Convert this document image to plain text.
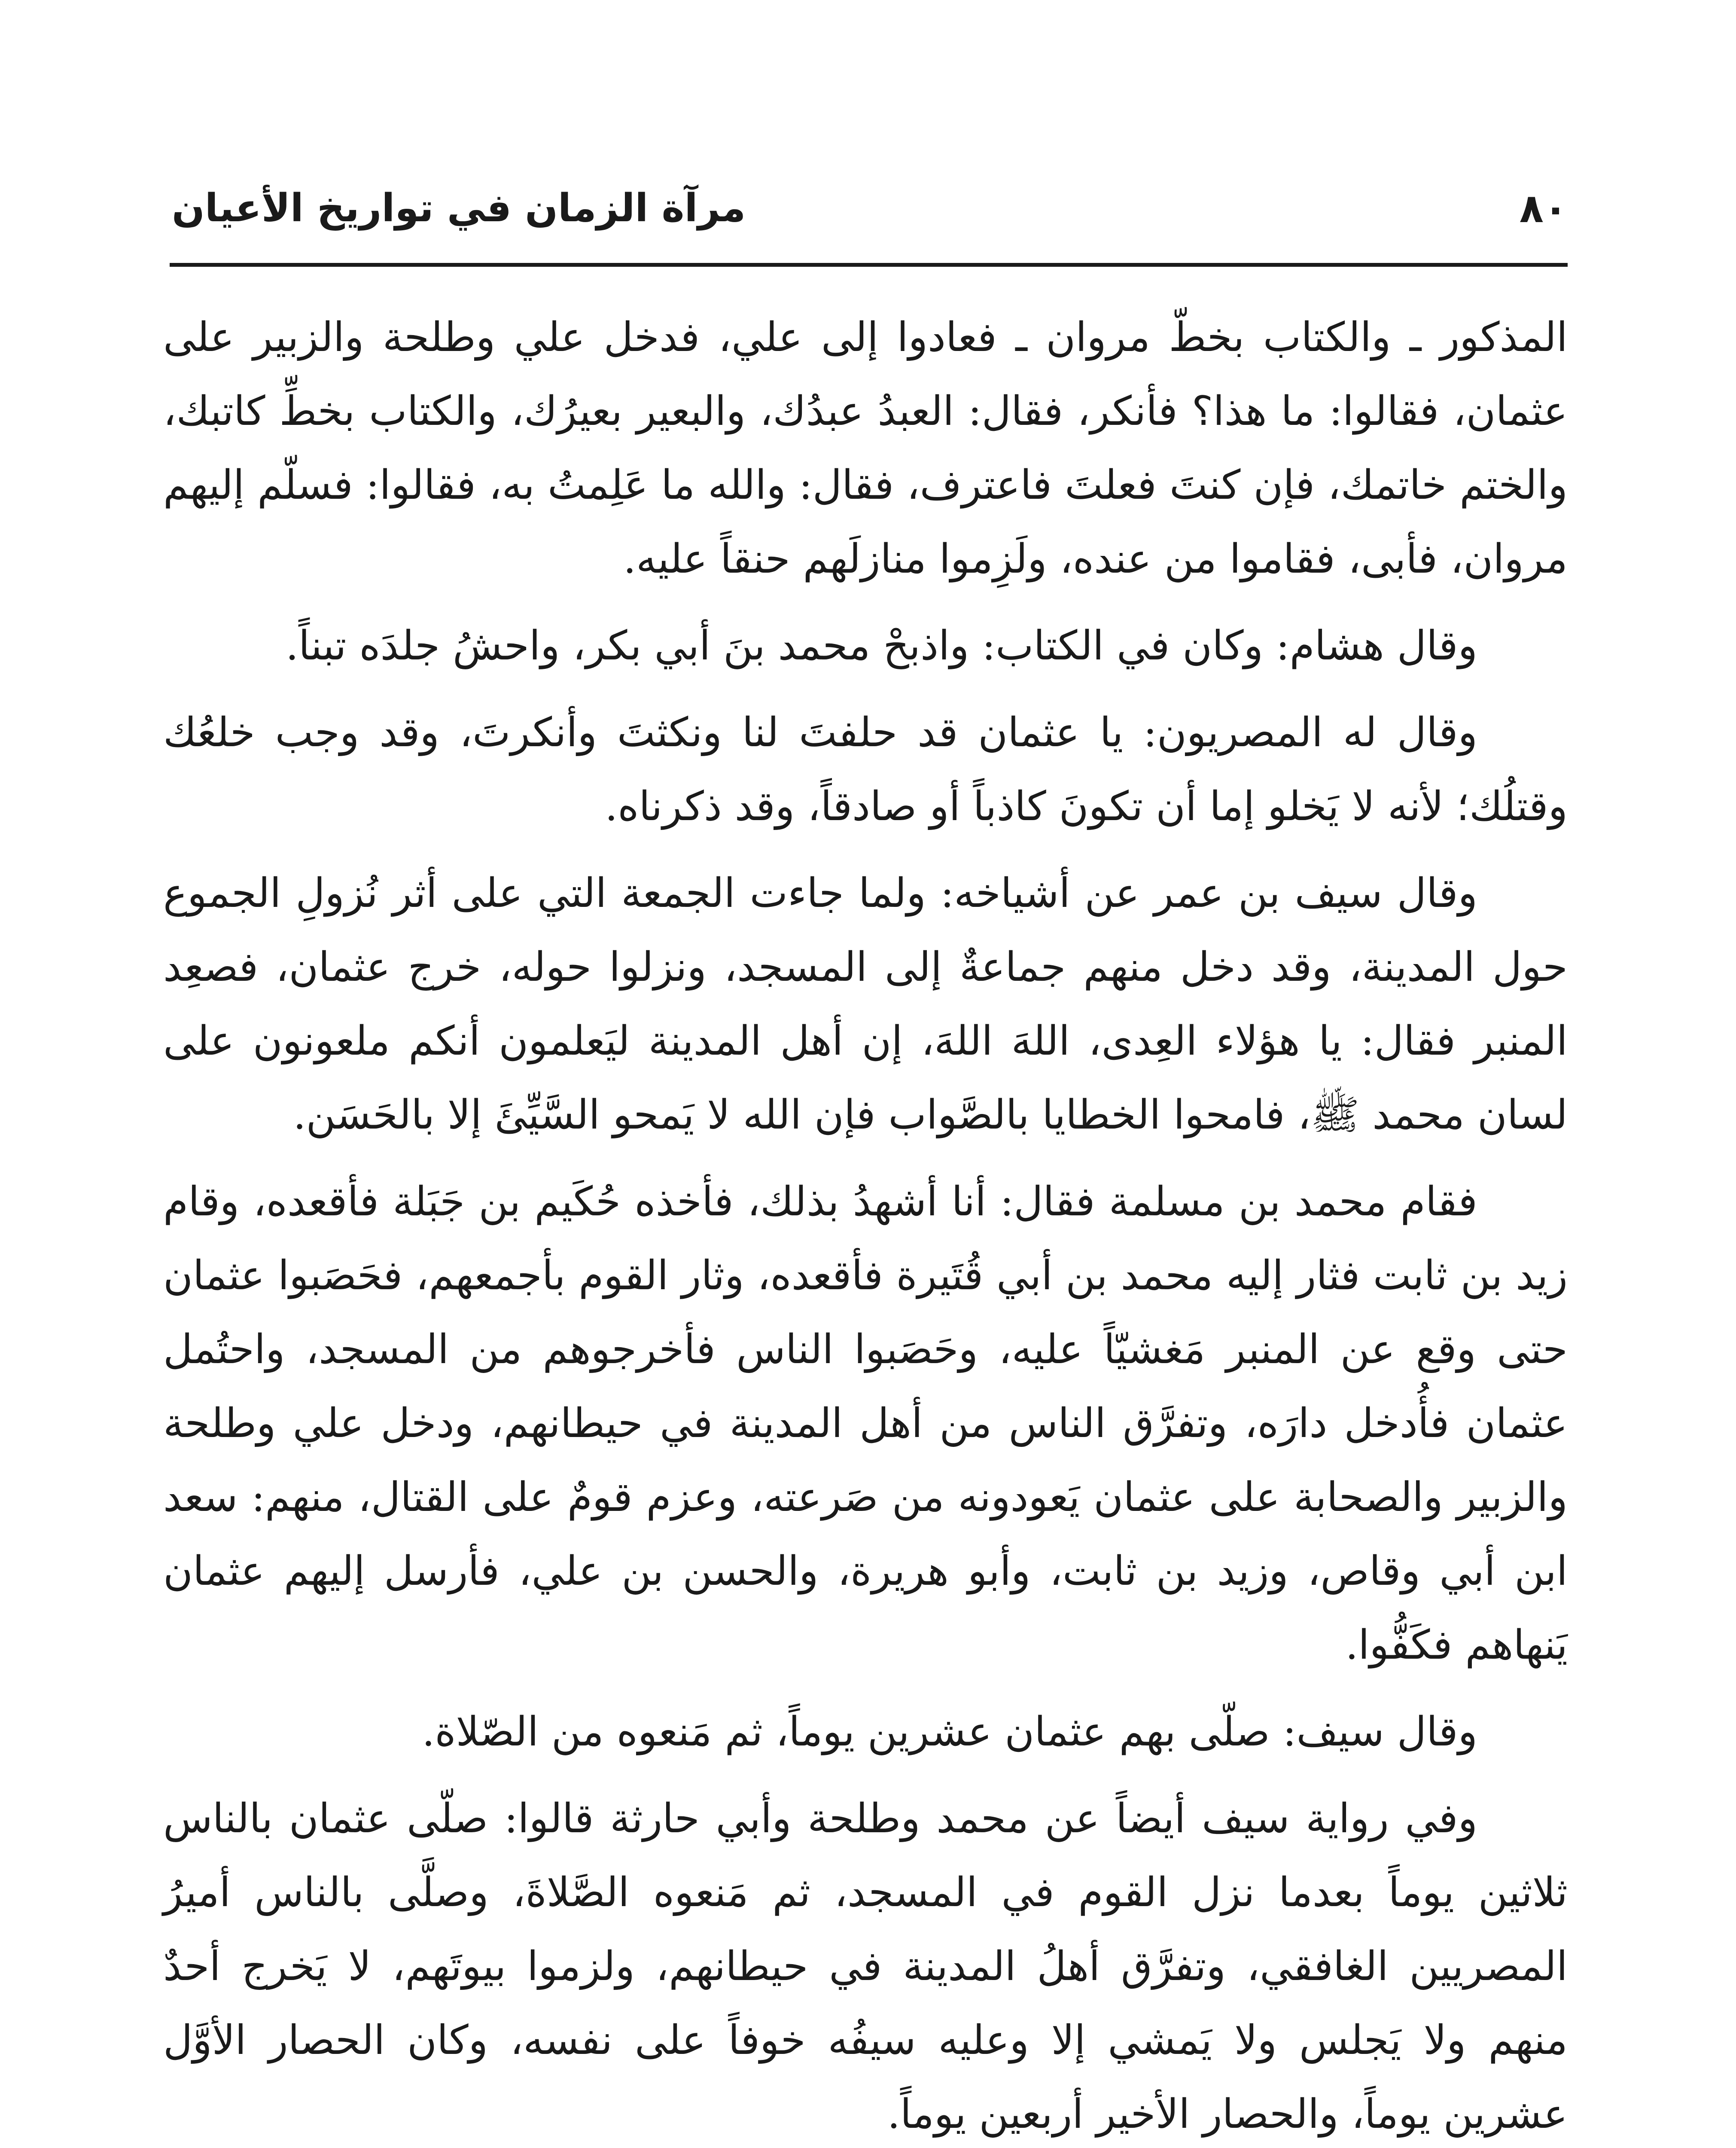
٨٠
مرآة الزمان في تواريخ الأعيان

المذكور ـ والكتاب بخطّ مروان ـ فعادوا إلى علي، فدخل علي وطلحة والزبير على عثمان، فقالوا: ما هذا؟ فأنكر، فقال: العبدُ عبدُك، والبعير بعيرُك، والكتاب بخطِّ كاتبك، والختم خاتمك، فإن كنتَ فعلتَ فاعترف، فقال: والله ما عَلِمتُ به، فقالوا: فسلّم إليهم مروان، فأبى، فقاموا من عنده، ولَزِموا منازلَهم حنقاً عليه.

وقال هشام: وكان في الكتاب: واذبحْ محمد بنَ أبي بكر، واحشُ جلدَه تبناً.

وقال له المصريون: يا عثمان قد حلفتَ لنا ونكثتَ وأنكرتَ، وقد وجب خلعُك وقتلُك؛ لأنه لا يَخلو إما أن تكونَ كاذباً أو صادقاً، وقد ذكرناه.

وقال سيف بن عمر عن أشياخه: ولما جاءت الجمعة التي على أثر نُزولِ الجموع حول المدينة، وقد دخل منهم جماعةٌ إلى المسجد، ونزلوا حوله، خرج عثمان، فصعِد المنبر فقال: يا هؤلاء العِدى، اللهَ اللهَ، إن أهل المدينة ليَعلمون أنكم ملعونون على لسان محمد ﷺ، فامحوا الخطايا بالصَّواب فإن الله لا يَمحو السَّيِّئَ إلا بالحَسَن.

فقام محمد بن مسلمة فقال: أنا أشهدُ بذلك، فأخذه حُكَيم بن جَبَلة فأقعده، وقام زيد بن ثابت فثار إليه محمد بن أبي قُتَيرة فأقعده، وثار القوم بأجمعهم، فحَصَبوا عثمان حتى وقع عن المنبر مَغشيّاً عليه، وحَصَبوا الناس فأخرجوهم من المسجد، واحتُمل عثمان فأُدخل دارَه، وتفرَّق الناس من أهل المدينة في حيطانهم، ودخل علي وطلحة والزبير والصحابة على عثمان يَعودونه من صَرعته، وعزم قومٌ على القتال، منهم: سعد ابن أبي وقاص، وزيد بن ثابت، وأبو هريرة، والحسن بن علي، فأرسل إليهم عثمان يَنهاهم فكَفُّوا.

وقال سيف: صلّى بهم عثمان عشرين يوماً، ثم مَنعوه من الصّلاة.

وفي رواية سيف أيضاً عن محمد وطلحة وأبي حارثة قالوا: صلّى عثمان بالناس ثلاثين يوماً بعدما نزل القوم في المسجد، ثم مَنعوه الصَّلاةَ، وصلَّى بالناس أميرُ المصريين الغافقي، وتفرَّق أهلُ المدينة في حيطانهم، ولزموا بيوتَهم، لا يَخرج أحدٌ منهم ولا يَجلس ولا يَمشي إلا وعليه سيفُه خوفاً على نفسه، وكان الحصار الأوَّل عشرين يوماً، والحصار الأخير أربعين يوماً.
